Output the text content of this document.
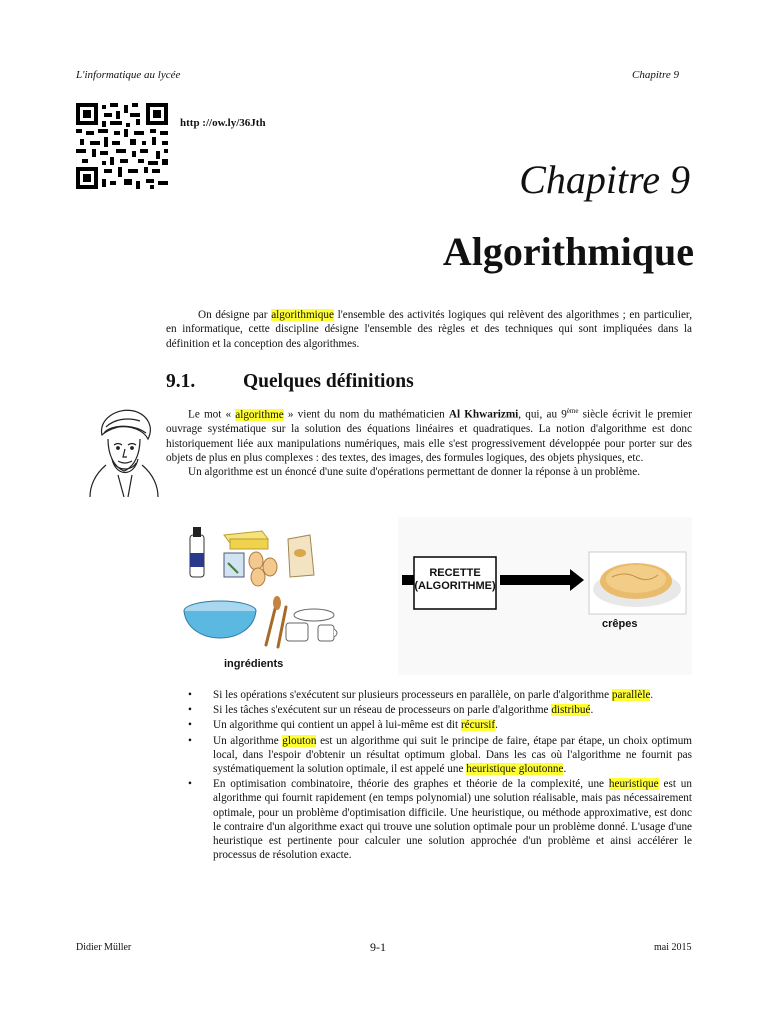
L'informatique au lycée	Chapitre 9
http ://ow.ly/36Jth
Chapitre 9
Algorithmique
On désigne par algorithmique l'ensemble des activités logiques qui relèvent des algorithmes ; en particulier, en informatique, cette discipline désigne l'ensemble des règles et des techniques qui sont impliquées dans la définition et la conception des algorithmes.
9.1. Quelques définitions

Le mot « algorithme » vient du nom du mathématicien Al Khwarizmi, qui, au 9ème siècle écrivit le premier ouvrage systématique sur la solution des équations linéaires et quadratiques. La notion d'algorithme est donc historiquement liée aux manipulations numériques, mais elle s'est progressivement développée pour porter sur des objets de plus en plus complexes : des textes, des images, des formules logiques, des objets physiques, etc.

Un algorithme est un énoncé d'une suite d'opérations permettant de donner la réponse à un problème.

RECETTE
(ALGORITHME)
ingrédients
crêpes
• Si les opérations s'exécutent sur plusieurs processeurs en parallèle, on parle d'algorithme parallèle.
• Si les tâches s'exécutent sur un réseau de processeurs on parle d'algorithme distribué.
• Un algorithme qui contient un appel à lui-même est dit récursif.
• Un algorithme glouton est un algorithme qui suit le principe de faire, étape par étape, un choix optimum local, dans l'espoir d'obtenir un résultat optimum global. Dans les cas où l'algorithme ne fournit pas systématiquement la solution optimale, il est appelé une heuristique gloutonne.
• En optimisation combinatoire, théorie des graphes et théorie de la complexité, une heuristique est un algorithme qui fournit rapidement (en temps polynomial) une solution réalisable, mais pas nécessairement optimale, pour un problème d'optimisation difficile. Une heuristique, ou méthode approximative, est donc le contraire d'un algorithme exact qui trouve une solution optimale pour un problème donné. L'usage d'une heuristique est pertinente pour calculer une solution approchée d'un problème et ainsi accélérer le processus de résolution exacte.
Didier Müller	9-1	mai 2015
